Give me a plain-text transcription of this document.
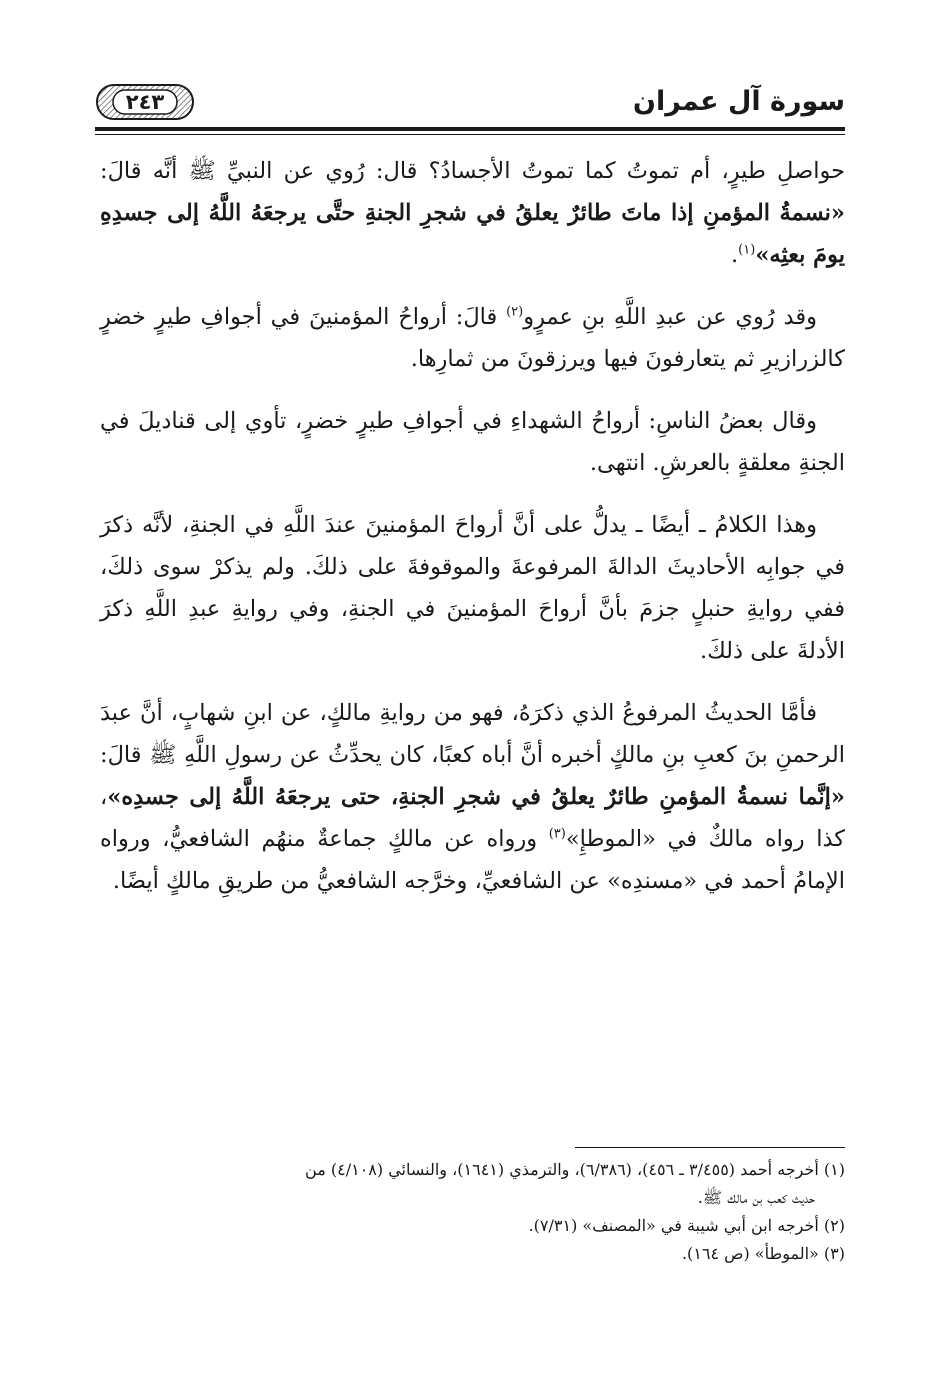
سورة آل عمران
٢٤٣

حواصلِ طيرٍ، أم تموتُ كما تموتُ الأجسادُ؟ قال: رُوي عن النبيِّ ﷺ أنَّه قالَ: «نسمةُ المؤمنِ إذا ماتَ طائرٌ يعلقُ في شجرِ الجنةِ حتَّى يرجعَهُ اللَّهُ إلى جسدِهِ يومَ بعثِه»$^{(١)}$.

وقد رُوي عن عبدِ اللَّهِ بنِ عمرٍو$^{(٢)}$ قالَ: أرواحُ المؤمنينَ في أجوافِ طيرٍ خضرٍ كالزرازيرِ ثم يتعارفونَ فيها ويرزقونَ من ثمارِها.

وقال بعضُ الناسِ: أرواحُ الشهداءِ في أجوافِ طيرٍ خضرٍ، تأوي إلى قناديلَ في الجنةِ معلقةٍ بالعرشِ. انتهى.

وهذا الكلامُ ـ أيضًا ـ يدلُّ على أنَّ أرواحَ المؤمنينَ عندَ اللَّهِ في الجنةِ، لأنَّه ذكرَ في جوابِه الأحاديثَ الدالةَ المرفوعةَ والموقوفةَ على ذلكَ. ولم يذكرْ سوى ذلكَ، ففي روايةِ حنبلٍ جزمَ بأنَّ أرواحَ المؤمنينَ في الجنةِ، وفي روايةِ عبدِ اللَّهِ ذكرَ الأدلةَ على ذلكَ.

فأمَّا الحديثُ المرفوعُ الذي ذكرَهُ، فهو من روايةِ مالكٍ، عن ابنِ شهابٍ، أنَّ عبدَ الرحمنِ بنَ كعبِ بنِ مالكٍ أخبره أنَّ أباه كعبًا، كان يحدِّثُ عن رسولِ اللَّهِ ﷺ قالَ: «إنَّما نسمةُ المؤمنِ طائرٌ يعلقُ في شجرِ الجنةِ، حتى يرجعَهُ اللَّهُ إلى جسدِه»، كذا رواه مالكٌ في «الموطإِ»$^{(٣)}$ ورواه عن مالكٍ جماعةٌ منهُم الشافعيُّ، ورواه الإمامُ أحمد في «مسندِه» عن الشافعيِّ، وخرَّجه الشافعيُّ من طريقِ مالكٍ أيضًا.

(١) أخرجه أحمد (٣/٤٥٥ ـ ٤٥٦)، (٦/٣٨٦)، والترمذي (١٦٤١)، والنسائي (٤/١٠٨) من
حديث كعب بن مالك ﷺ.
(٢) أخرجه ابن أبي شيبة في «المصنف» (٧/٣١).
(٣) «الموطأ» (ص ١٦٤).
